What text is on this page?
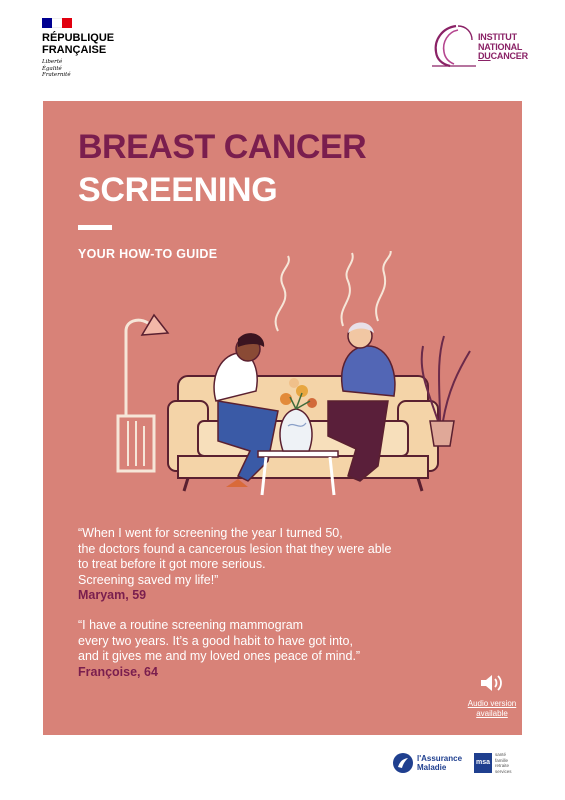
RÉPUBLIQUE
FRANÇAISE
Liberté
Égalité
Fraternité
INSTITUT
NATIONAL
DUCANCER
BREAST CANCER
SCREENING
YOUR HOW-TO GUIDE
“When I went for screening the year I turned 50,
the doctors found a cancerous lesion that they were able
to treat before it got more serious.
Screening saved my life!”
Maryam, 59
“I have a routine screening mammogram
every two years. It’s a good habit to have got into,
and it gives me and my loved ones peace of mind.”
Françoise, 64
Audio version
available
l'Assurance
Maladie
msa
santé
famille
retraite
services
